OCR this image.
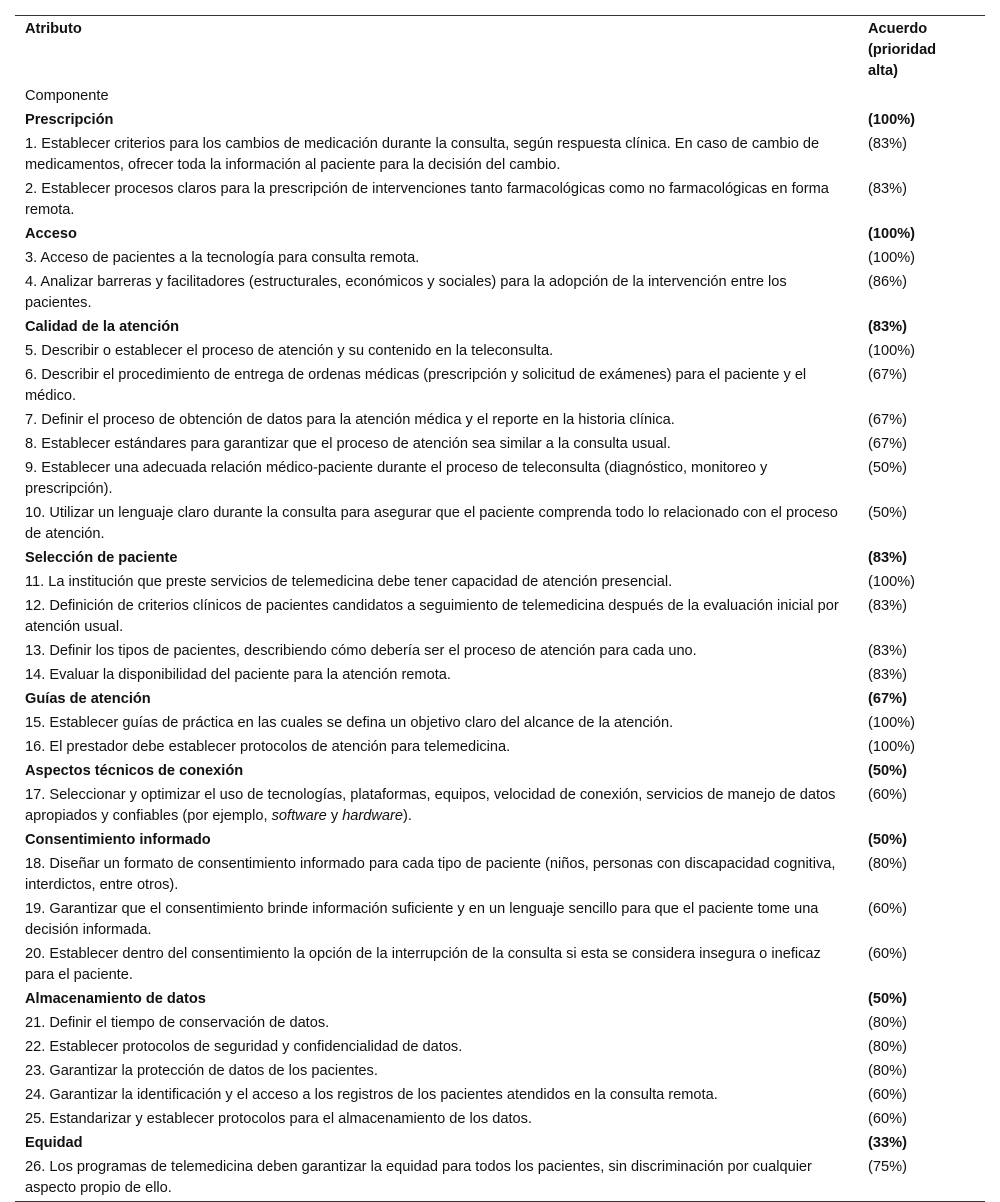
Atributo	Acuerdo
(prioridad
alta)

Componente	
Prescripción	(100%)
1. Establecer criterios para los cambios de medicación durante la consulta, según respuesta clínica. En caso de cambio de medicamentos, ofrecer toda la información al paciente para la decisión del cambio.	(83%)
2. Establecer procesos claros para la prescripción de intervenciones tanto farmacológicas como no farmacológicas en forma remota.	(83%)
Acceso	(100%)
3. Acceso de pacientes a la tecnología para consulta remota.	(100%)
4. Analizar barreras y facilitadores (estructurales, económicos y sociales) para la adopción de la intervención entre los pacientes.	(86%)
Calidad de la atención	(83%)
5. Describir o establecer el proceso de atención y su contenido en la teleconsulta.	(100%)
6. Describir el procedimiento de entrega de ordenas médicas (prescripción y solicitud de exámenes) para el paciente y el médico.	(67%)
7. Definir el proceso de obtención de datos para la atención médica y el reporte en la historia clínica.	(67%)
8. Establecer estándares para garantizar que el proceso de atención sea similar a la consulta usual.	(67%)
9. Establecer una adecuada relación médico-paciente durante el proceso de teleconsulta (diagnóstico, monitoreo y prescripción).	(50%)
10. Utilizar un lenguaje claro durante la consulta para asegurar que el paciente comprenda todo lo relacionado con el proceso de atención.	(50%)
Selección de paciente	(83%)
11. La institución que preste servicios de telemedicina debe tener capacidad de atención presencial.	(100%)
12. Definición de criterios clínicos de pacientes candidatos a seguimiento de telemedicina después de la evaluación inicial por atención usual.	(83%)
13. Definir los tipos de pacientes, describiendo cómo debería ser el proceso de atención para cada uno.	(83%)
14. Evaluar la disponibilidad del paciente para la atención remota.	(83%)
Guías de atención	(67%)
15. Establecer guías de práctica en las cuales se defina un objetivo claro del alcance de la atención.	(100%)
16. El prestador debe establecer protocolos de atención para telemedicina.	(100%)
Aspectos técnicos de conexión	(50%)
17. Seleccionar y optimizar el uso de tecnologías, plataformas, equipos, velocidad de conexión, servicios de manejo de datos apropiados y confiables (por ejemplo, software y hardware).	(60%)
Consentimiento informado	(50%)
18. Diseñar un formato de consentimiento informado para cada tipo de paciente (niños, personas con discapacidad cognitiva, interdictos, entre otros).	(80%)
19. Garantizar que el consentimiento brinde información suficiente y en un lenguaje sencillo para que el paciente tome una decisión informada.	(60%)
20. Establecer dentro del consentimiento la opción de la interrupción de la consulta si esta se considera insegura o ineficaz para el paciente.	(60%)
Almacenamiento de datos	(50%)
21. Definir el tiempo de conservación de datos.	(80%)
22. Establecer protocolos de seguridad y confidencialidad de datos.	(80%)
23. Garantizar la protección de datos de los pacientes.	(80%)
24. Garantizar la identificación y el acceso a los registros de los pacientes atendidos en la consulta remota.	(60%)
25. Estandarizar y establecer protocolos para el almacenamiento de los datos.	(60%)
Equidad	(33%)
26. Los programas de telemedicina deben garantizar la equidad para todos los pacientes, sin discriminación por cualquier aspecto propio de ello.	(75%)
